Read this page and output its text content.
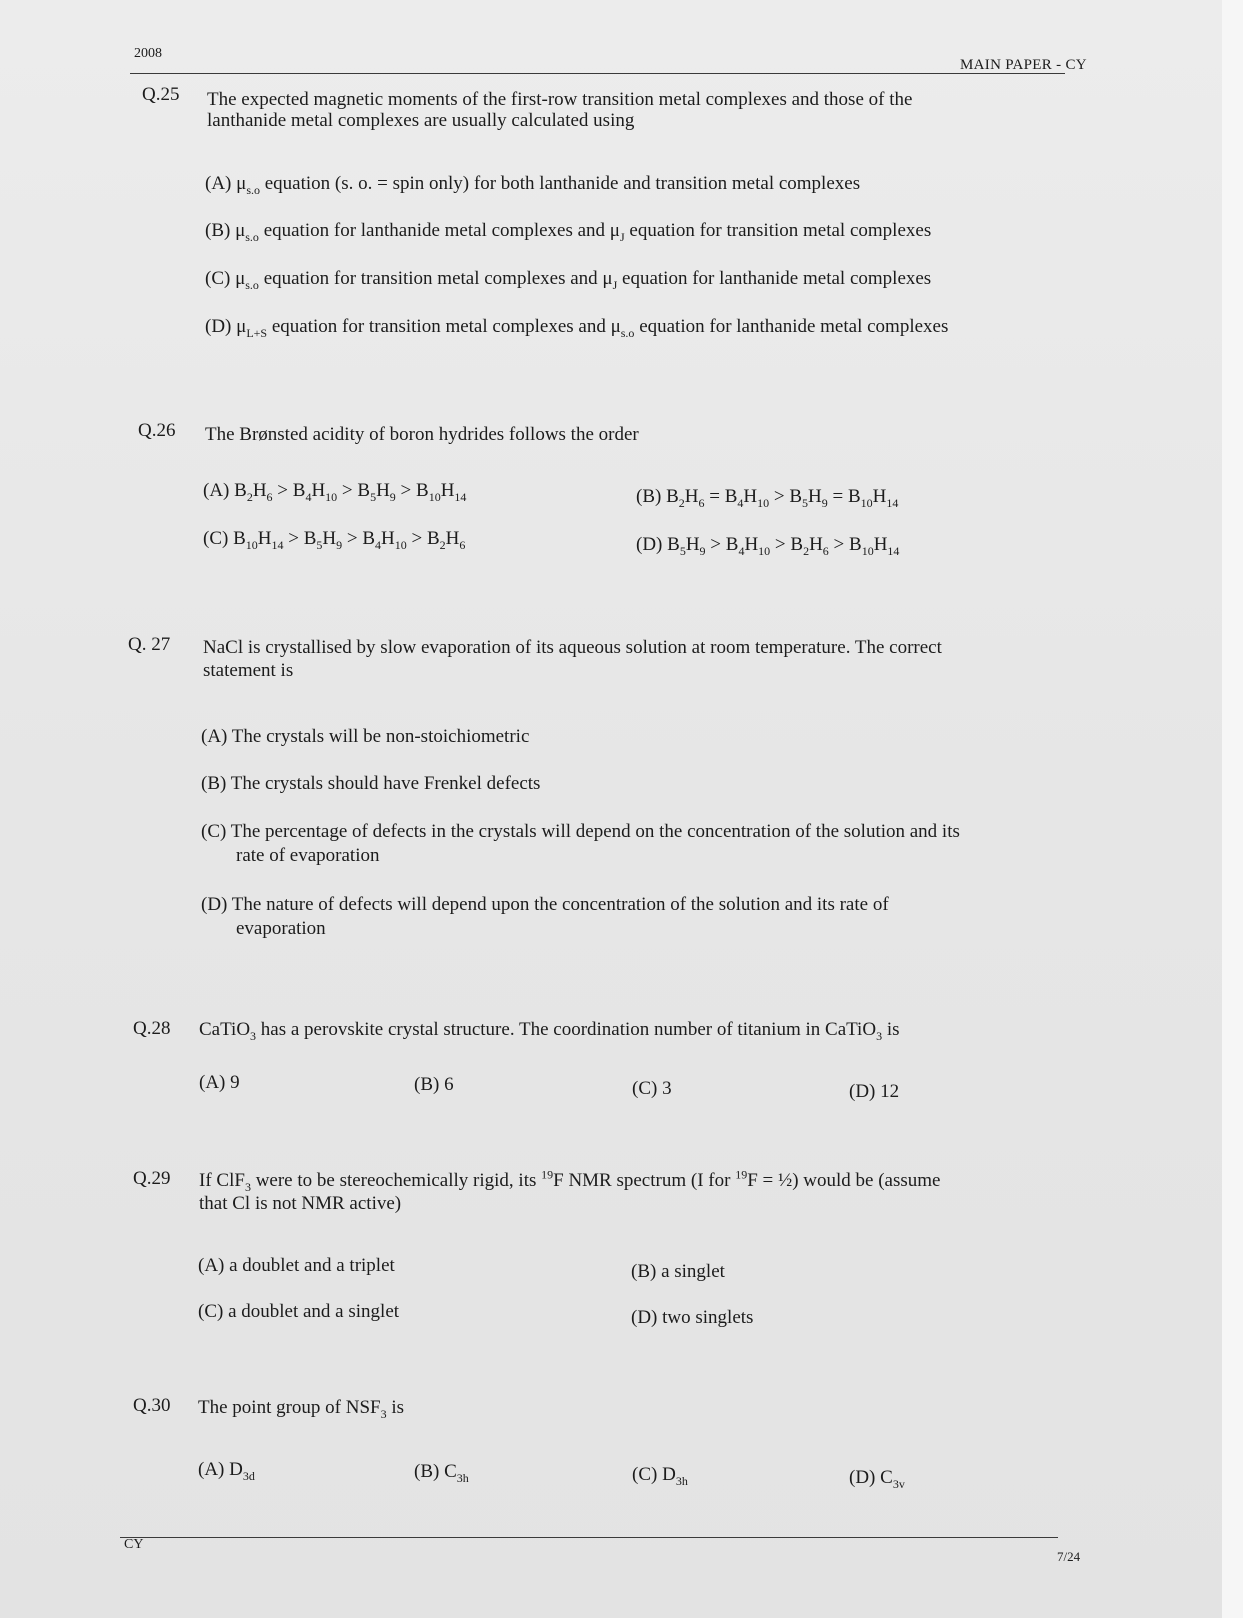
2008
MAIN PAPER - CY
Q.25 The expected magnetic moments of the first-row transition metal complexes and those of the
lanthanide metal complexes are usually calculated using
(A) $\mu_{s.o}$ equation (s. o. = spin only) for both lanthanide and transition metal complexes
(B) $\mu_{s.o}$ equation for lanthanide metal complexes and $\mu_J$ equation for transition metal complexes
(C) $\mu_{s.o}$ equation for transition metal complexes and $\mu_J$ equation for lanthanide metal complexes
(D) $\mu_{L+S}$ equation for transition metal complexes and $\mu_{s.o}$ equation for lanthanide metal complexes
Q.26 The Brønsted acidity of boron hydrides follows the order
(A) $B_2H_6 > B_4H_{10} > B_5H_9 > B_{10}H_{14}$	(B) $B_2H_6 = B_4H_{10} > B_5H_9 = B_{10}H_{14}$
(C) $B_{10}H_{14} > B_5H_9 > B_4H_{10} > B_2H_6$	(D) $B_5H_9 > B_4H_{10} > B_2H_6 > B_{10}H_{14}$
Q. 27 NaCl is crystallised by slow evaporation of its aqueous solution at room temperature. The correct
statement is
(A) The crystals will be non-stoichiometric
(B) The crystals should have Frenkel defects
(C) The percentage of defects in the crystals will depend on the concentration of the solution and its
rate of evaporation
(D) The nature of defects will depend upon the concentration of the solution and its rate of
evaporation
Q.28 CaTiO$_3$ has a perovskite crystal structure. The coordination number of titanium in CaTiO$_3$ is
(A) 9	(B) 6	(C) 3	(D) 12
Q.29 If ClF$_3$ were to be stereochemically rigid, its $^{19}$F NMR spectrum (I for $^{19}$F = ½) would be (assume
that Cl is not NMR active)
(A) a doublet and a triplet	(B) a singlet
(C) a doublet and a singlet	(D) two singlets
Q.30 The point group of $NSF_3$ is
(A) $D_{3d}$	(B) $C_{3h}$	(C) $D_{3h}$	(D) $C_{3v}$
CY
7/24
